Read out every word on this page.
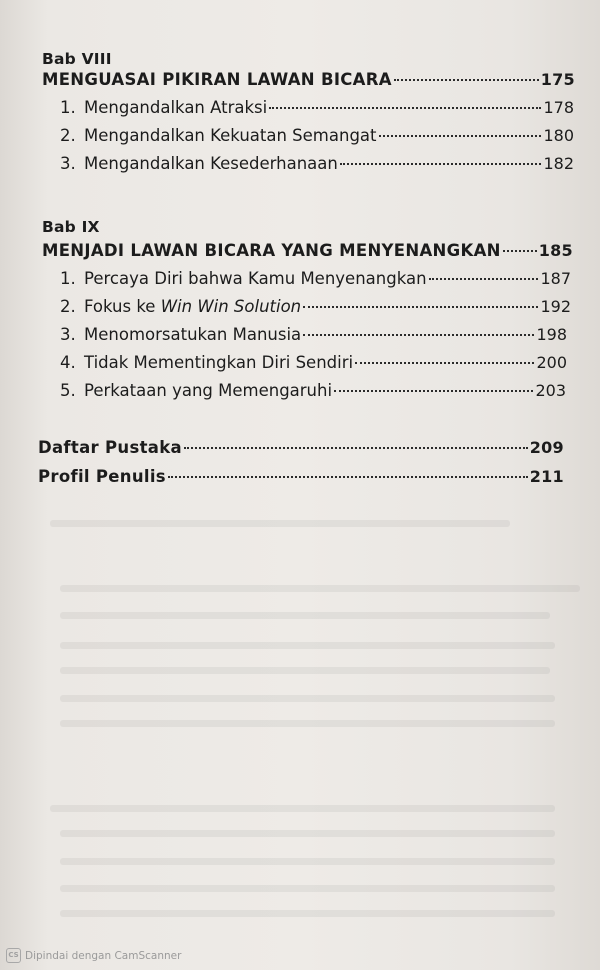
Bab VIII
MENGUASAI PIKIRAN LAWAN BICARA	175
1. Mengandalkan Atraksi	178
2. Mengandalkan Kekuatan Semangat	180
3. Mengandalkan Kesederhanaan	182
Bab IX
MENJADI LAWAN BICARA YANG MENYENANGKAN 185
1. Percaya Diri bahwa Kamu Menyenangkan	187
2. Fokus ke Win Win Solution	192
3. Menomorsatukan Manusia	198
4. Tidak Mementingkan Diri Sendiri	200
5. Perkataan yang Memengaruhi	203
Daftar Pustaka	209
Profil Penulis	211
CS Dipindai dengan CamScanner
